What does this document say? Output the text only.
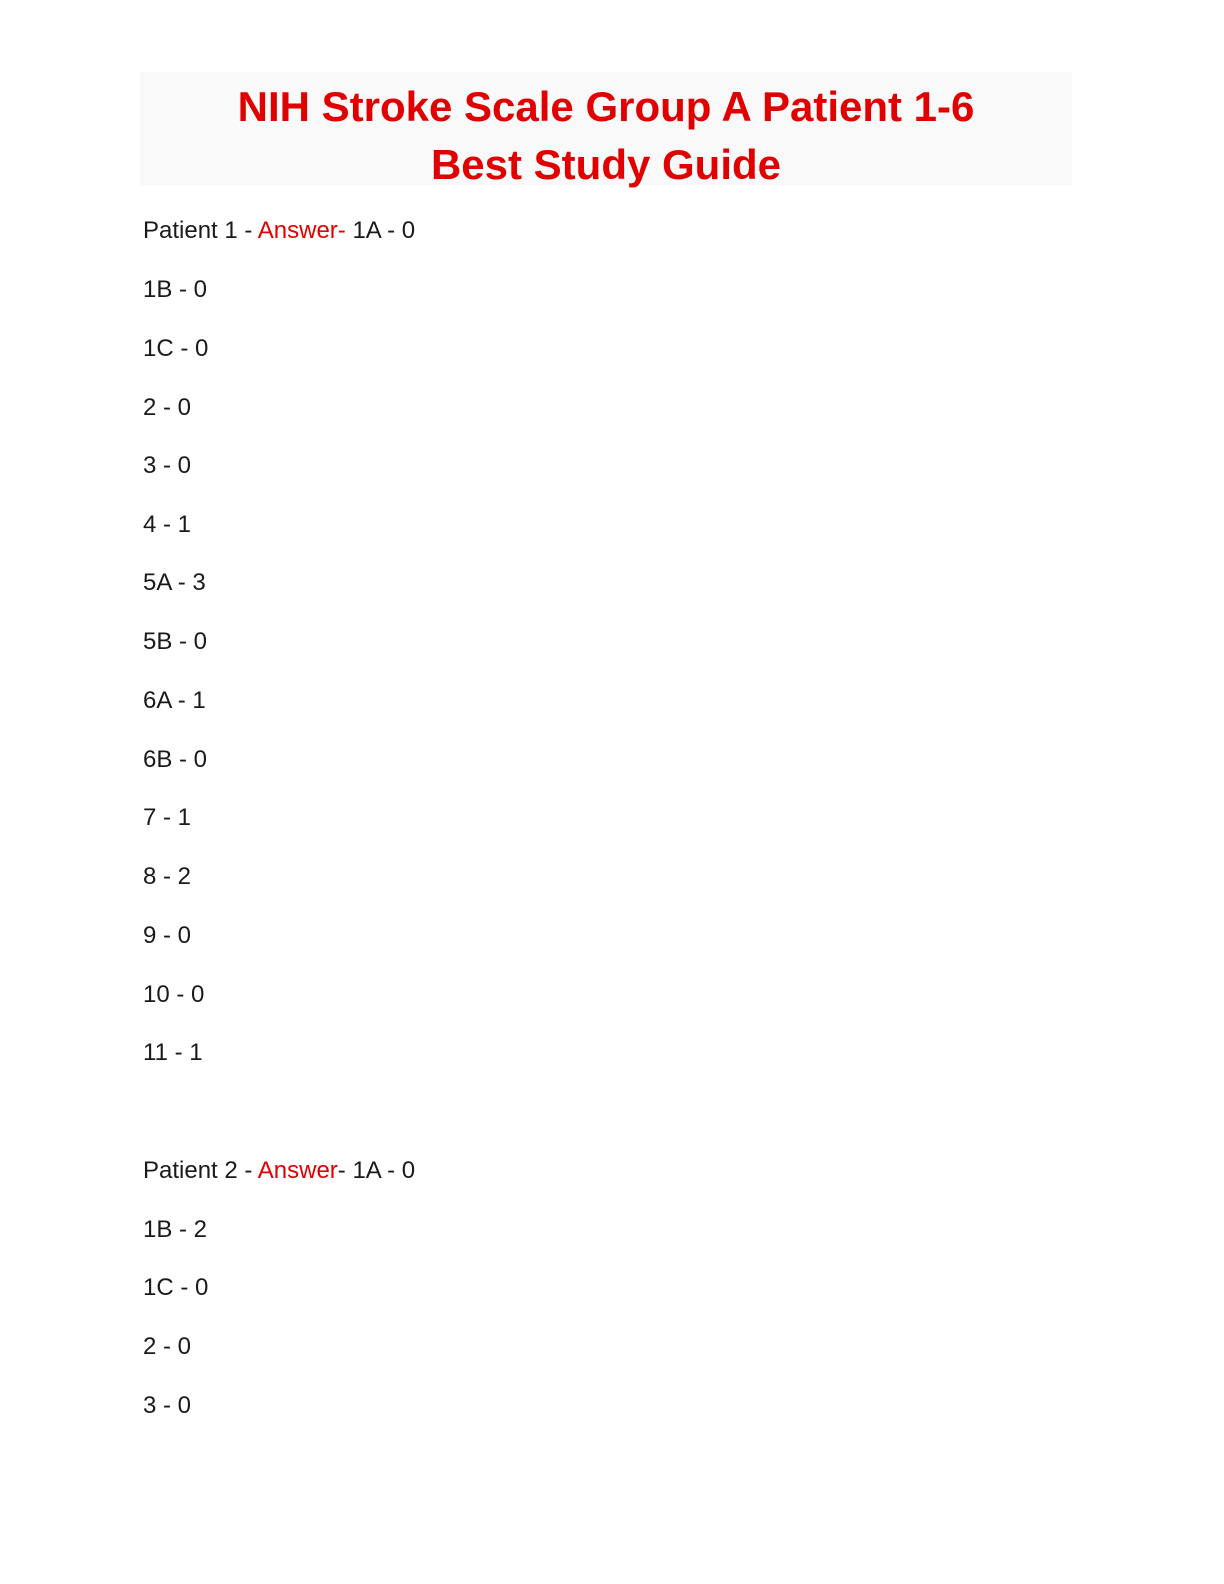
NIH Stroke Scale Group A Patient 1-6

Best Study Guide

Patient 1 - Answer- 1A - 0

1B - 0

1C - 0

2 - 0

3 - 0

4 - 1

5A - 3

5B - 0

6A - 1

6B - 0

7 - 1

8 - 2

9 - 0

10 - 0

11 - 1

Patient 2 - Answer- 1A - 0

1B - 2

1C - 0

2 - 0

3 - 0
